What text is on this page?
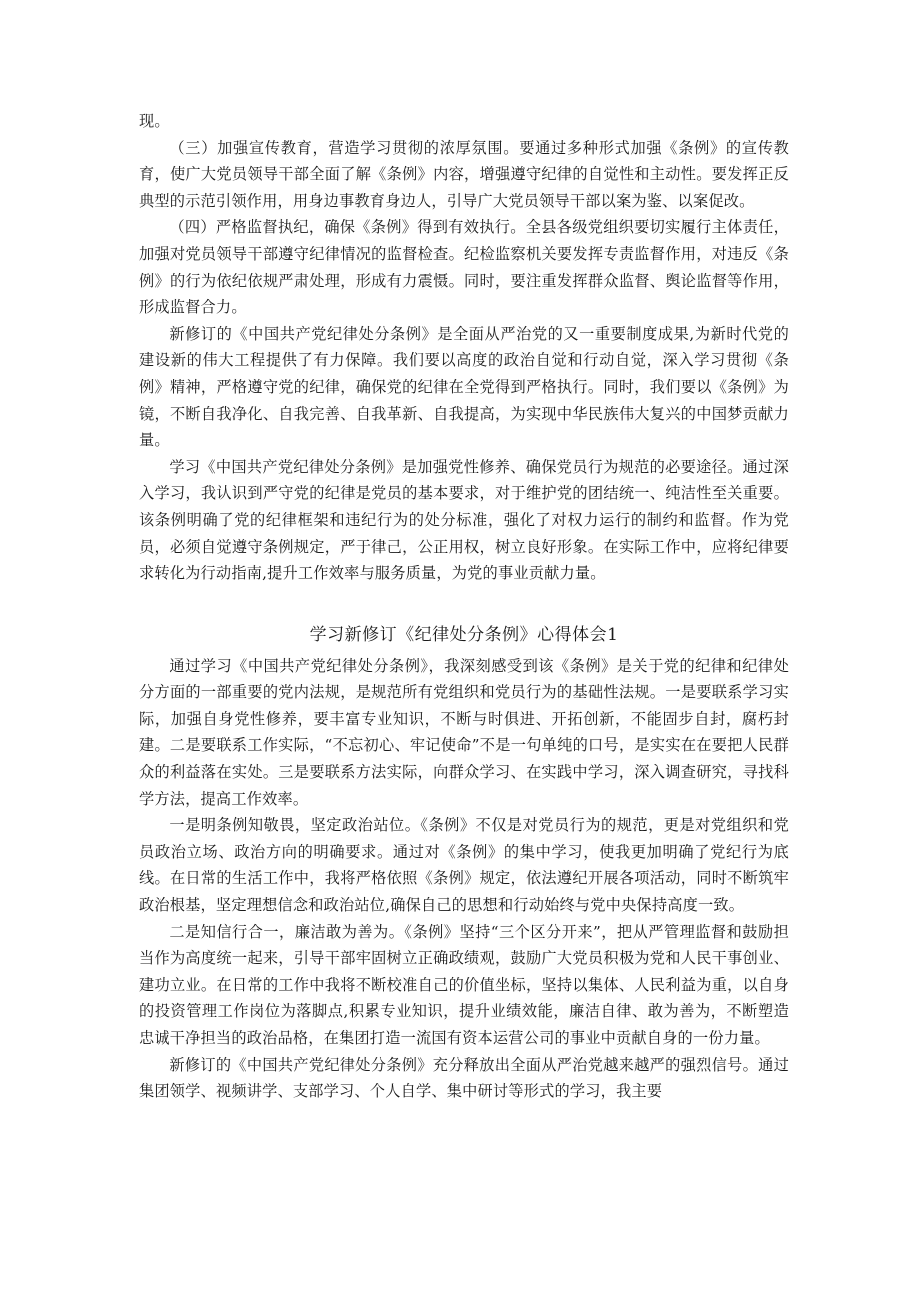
现。

（三）加强宣传教育，营造学习贯彻的浓厚氛围。要通过多种形式加强《条例》的宣传教育，使广大党员领导干部全面了解《条例》内容，增强遵守纪律的自觉性和主动性。要发挥正反典型的示范引领作用，用身边事教育身边人，引导广大党员领导干部以案为鉴、以案促改。

（四）严格监督执纪，确保《条例》得到有效执行。全县各级党组织要切实履行主体责任，加强对党员领导干部遵守纪律情况的监督检查。纪检监察机关要发挥专责监督作用，对违反《条例》的行为依纪依规严肃处理，形成有力震慑。同时，要注重发挥群众监督、舆论监督等作用，形成监督合力。

新修订的《中国共产党纪律处分条例》是全面从严治党的又一重要制度成果,为新时代党的建设新的伟大工程提供了有力保障。我们要以高度的政治自觉和行动自觉，深入学习贯彻《条例》精神，严格遵守党的纪律，确保党的纪律在全党得到严格执行。同时，我们要以《条例》为镜，不断自我净化、自我完善、自我革新、自我提高，为实现中华民族伟大复兴的中国梦贡献力量。

学习《中国共产党纪律处分条例》是加强党性修养、确保党员行为规范的必要途径。通过深入学习，我认识到严守党的纪律是党员的基本要求，对于维护党的团结统一、纯洁性至关重要。该条例明确了党的纪律框架和违纪行为的处分标准，强化了对权力运行的制约和监督。作为党员，必须自觉遵守条例规定，严于律己，公正用权，树立良好形象。在实际工作中，应将纪律要求转化为行动指南,提升工作效率与服务质量，为党的事业贡献力量。

学习新修订《纪律处分条例》心得体会1

通过学习《中国共产党纪律处分条例》，我深刻感受到该《条例》是关于党的纪律和纪律处分方面的一部重要的党内法规，是规范所有党组织和党员行为的基础性法规。一是要联系学习实际，加强自身党性修养，要丰富专业知识，不断与时俱进、开拓创新，不能固步自封，腐朽封建。二是要联系工作实际，“不忘初心、牢记使命”不是一句单纯的口号，是实实在在要把人民群众的利益落在实处。三是要联系方法实际，向群众学习、在实践中学习，深入调查研究，寻找科学方法，提高工作效率。

一是明条例知敬畏，坚定政治站位。《条例》不仅是对党员行为的规范，更是对党组织和党员政治立场、政治方向的明确要求。通过对《条例》的集中学习，使我更加明确了党纪行为底线。在日常的生活工作中，我将严格依照《条例》规定，依法遵纪开展各项活动，同时不断筑牢政治根基，坚定理想信念和政治站位,确保自己的思想和行动始终与党中央保持高度一致。

二是知信行合一，廉洁敢为善为。《条例》坚持“三个区分开来”，把从严管理监督和鼓励担当作为高度统一起来，引导干部牢固树立正确政绩观，鼓励广大党员积极为党和人民干事创业、建功立业。在日常的工作中我将不断校准自己的价值坐标，坚持以集体、人民利益为重，以自身的投资管理工作岗位为落脚点,积累专业知识，提升业绩效能，廉洁自律、敢为善为，不断塑造忠诚干净担当的政治品格，在集团打造一流国有资本运营公司的事业中贡献自身的一份力量。

新修订的《中国共产党纪律处分条例》充分释放出全面从严治党越来越严的强烈信号。通过集团领学、视频讲学、支部学习、个人自学、集中研讨等形式的学习，我主要
